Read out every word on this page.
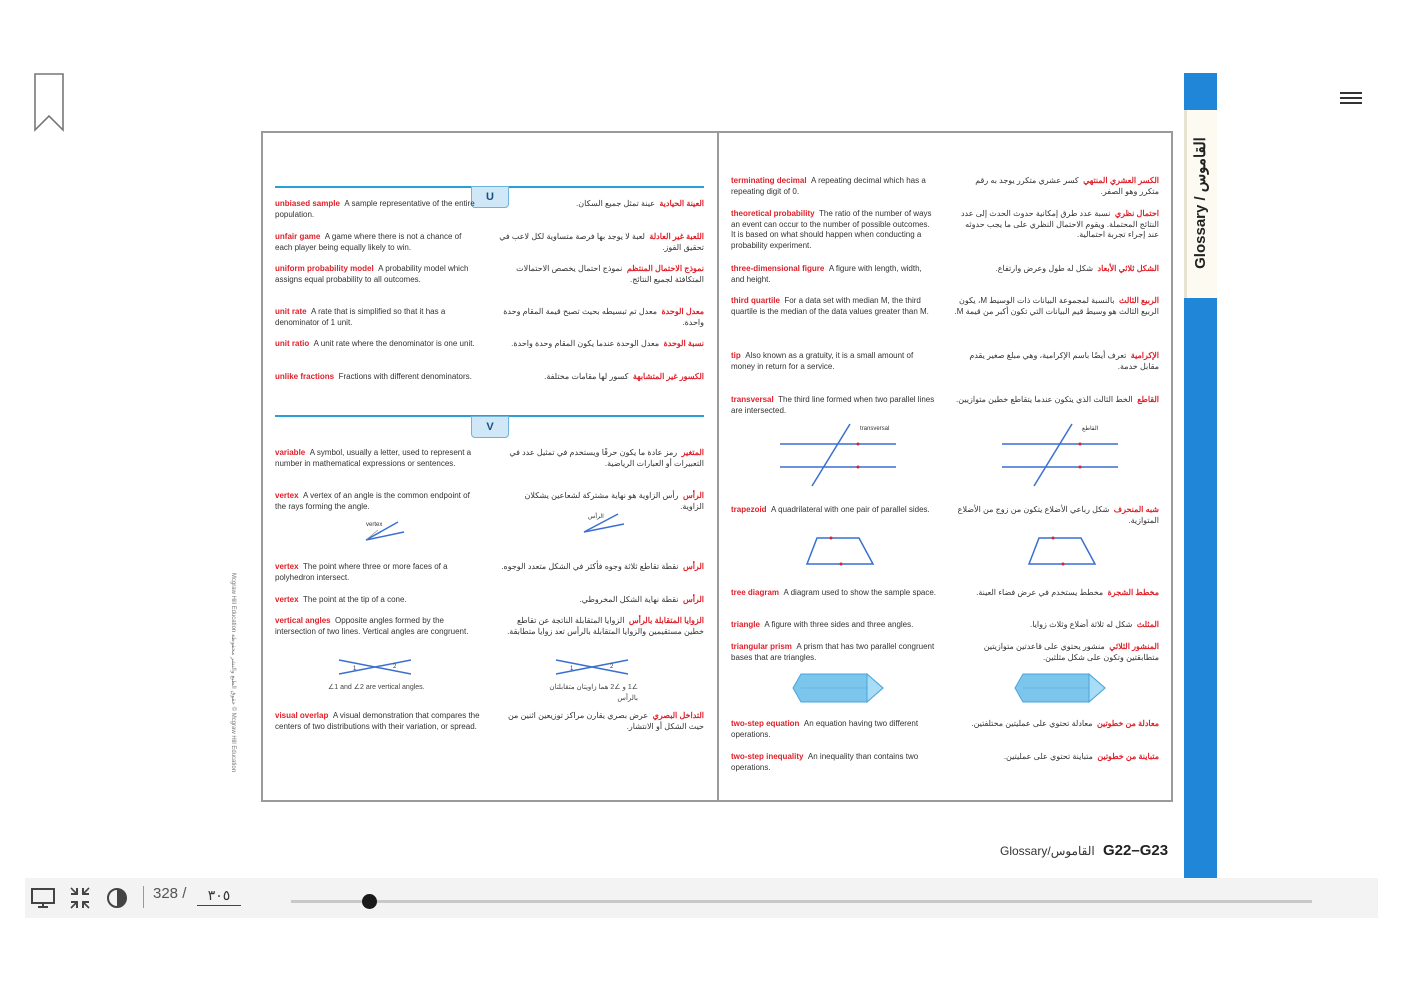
U
V
unbiased sample A sample representative of the entire population.
العينة الحيادية  عينة تمثل جميع السكان.
unfair game A game where there is not a chance of each player being equally likely to win.
اللعبة غير العادلة  لعبة لا يوجد بها فرصة متساوية لكل لاعب في تحقيق الفوز.
uniform probability model A probability model which assigns equal probability to all outcomes.
نموذج الاحتمال المنتظم  نموذج احتمال يخصص الاحتمالات المتكافئة لجميع النتائج.
unit rate A rate that is simplified so that it has a denominator of 1 unit.
معدل الوحدة  معدل تم تبسيطه بحيث تصبح قيمة المقام وحدة واحدة.
unit ratio A unit rate where the denominator is one unit.	نسبة الوحدة  معدل الوحدة عندما يكون المقام وحدة واحدة.
unlike fractions Fractions with different denominators.	الكسور غير المتشابهة  كسور لها مقامات مختلفة.
variable A symbol, usually a letter, used to represent a number in mathematical expressions or sentences.
المتغير  رمز عادة ما يكون حرفًا ويستخدم في تمثيل عدد في التعبيرات أو العبارات الرياضية.
vertex A vertex of an angle is the common endpoint of the rays forming the angle.
الرأس  رأس الزاوية هو نهاية مشتركة لشعاعين يشكلان الزاوية.
vertex
الرأس
vertex The point where three or more faces of a polyhedron intersect.
الرأس  نقطة تقاطع ثلاثة وجوه فأكثر في الشكل متعدد الوجوه.
vertex The point at the tip of a cone.	الرأس  نقطة نهاية الشكل المخروطي.
vertical angles Opposite angles formed by the intersection of two lines. Vertical angles are congruent.
الزوايا المتقابلة بالرأس  الزوايا المتقابلة الناتجة عن تقاطع خطين مستقيمين والزوايا المتقابلة بالرأس تعد زوايا متطابقة.
1	2
∠1 and ∠2 are vertical angles.
1	2
∠1 و ∠2 هما زاويتان متقابلتان بالرأس
visual overlap A visual demonstration that compares the centers of two distributions with their variation, or spread.
التداخل البصري  عرض بصري يقارن مراكز توزيعين اثنين من حيث الشكل أو الانتشار.
terminating decimal A repeating decimal which has a repeating digit of 0.
الكسر العشري المنتهي  كسر عشري متكرر يوجد به رقم متكرر وهو الصفر.
theoretical probability The ratio of the number of ways an event can occur to the number of possible outcomes. It is based on what should happen when conducting a probability experiment.
احتمال نظري  نسبة عدد طرق إمكانية حدوث الحدث إلى عدد النتائج المحتملة. ويقوم الاحتمال النظري على ما يجب حدوثه عند إجراء تجربة احتمالية.
three-dimensional figure A figure with length, width, and height.
الشكل ثلاثي الأبعاد  شكل له طول وعرض وارتفاع.
third quartile For a data set with median M, the third quartile is the median of the data values greater than M.
الربيع الثالث  بالنسبة لمجموعة البيانات ذات الوسيط M، يكون الربيع الثالث هو وسيط قيم البيانات التي تكون أكبر من قيمة M.
tip Also known as a gratuity, it is a small amount of money in return for a service.
الإكرامية  تعرف أيضًا باسم الإكرامية، وهي مبلغ صغير يقدم مقابل خدمة.
transversal The third line formed when two parallel lines are intersected.
القاطع  الخط الثالث الذي يتكون عندما يتقاطع خطين متوازيين.
transversal	القاطع
trapezoid A quadrilateral with one pair of parallel sides.	شبه المنحرف  شكل رباعي الأضلاع يتكون من زوج من الأضلاع المتوازية.
tree diagram A diagram used to show the sample space.	مخطط الشجرة  مخطط يستخدم في عرض فضاء العينة.
triangle A figure with three sides and three angles.	المثلث  شكل له ثلاثة أضلاع وثلاث زوايا.
triangular prism A prism that has two parallel congruent bases that are triangles.
المنشور الثلاثي  منشور يحتوي على قاعدتين متوازيتين متطابقتين وتكون على شكل مثلثين.
two-step equation An equation having two different operations.
معادلة من خطوتين  معادلة تحتوي على عمليتين مختلفتين.
two-step inequality An inequality than contains two operations.
متباينة من خطوتين  متباينة تحتوي على عمليتين.
Glossary / القاموس
Mcgraw Hill Education حقوق الطبع والنشر محفوظة © Mcgraw Hill Education
Glossary/القاموس G22–G23
328 /
٣٠٥
